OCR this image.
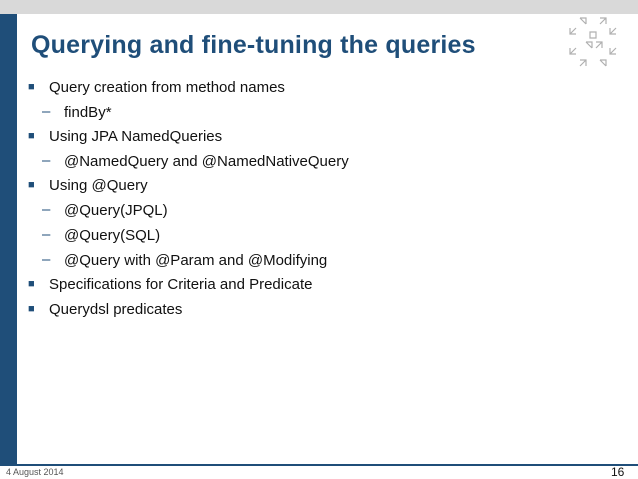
Querying and fine-tuning the queries
■ Query creation from method names
– findBy*
■ Using JPA NamedQueries
– @NamedQuery and @NamedNativeQuery
■ Using @Query
– @Query(JPQL)
– @Query(SQL)
– @Query with @Param and @Modifying
■ Specifications for Criteria and Predicate
■ Querydsl predicates
4 August 2014	16
